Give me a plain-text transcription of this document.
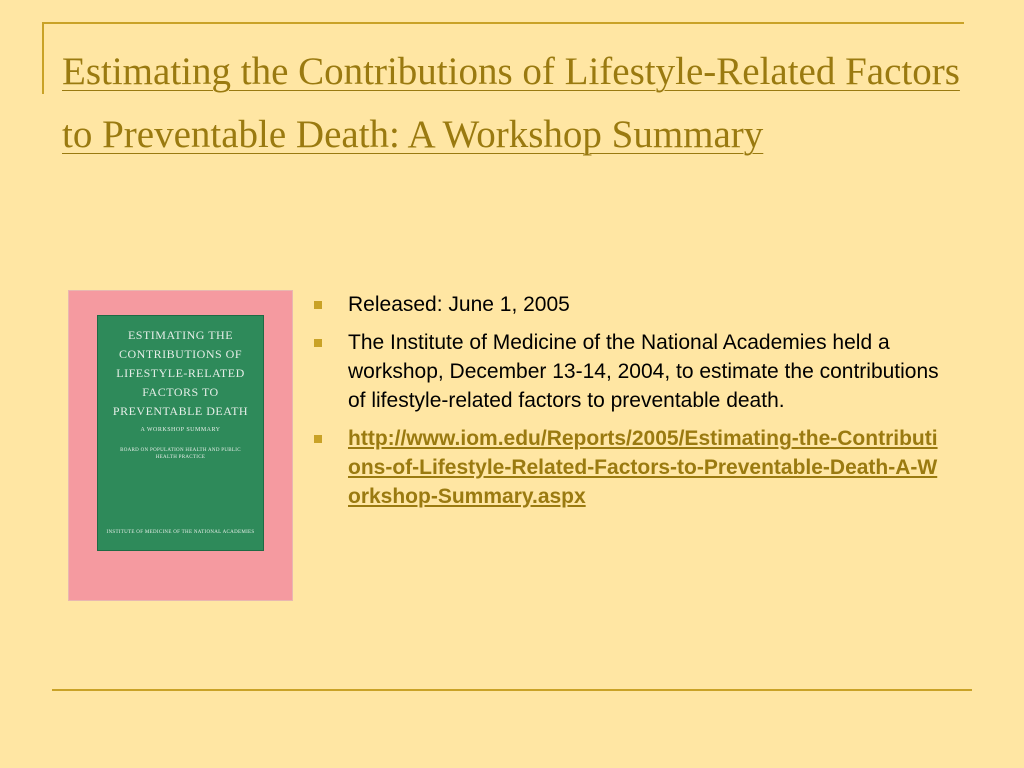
Estimating the Contributions of Lifestyle-Related Factors to Preventable Death: A Workshop Summary
ESTIMATING THE CONTRIBUTIONS OF LIFESTYLE-RELATED FACTORS TO PREVENTABLE DEATH
A WORKSHOP SUMMARY
BOARD ON POPULATION HEALTH AND PUBLIC HEALTH PRACTICE
INSTITUTE OF MEDICINE OF THE NATIONAL ACADEMIES
Released: June 1, 2005
The Institute of Medicine of the National Academies held a workshop, December 13-14, 2004, to estimate the contributions of lifestyle-related factors to preventable death.
http://www.iom.edu/Reports/2005/Estimating-the-Contributions-of-Lifestyle-Related-Factors-to-Preventable-Death-A-Workshop-Summary.aspx
